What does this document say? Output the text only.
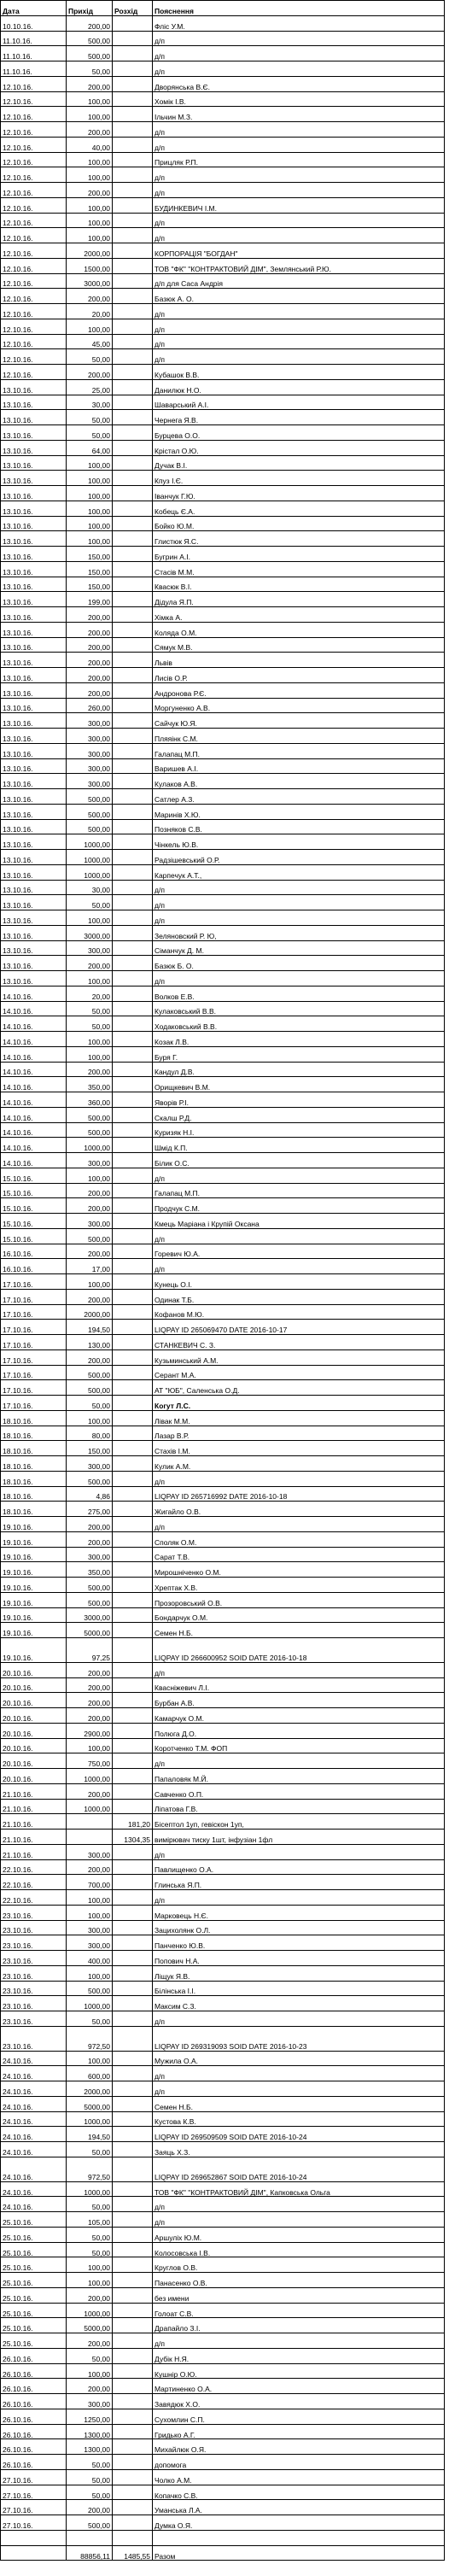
Дата	Прихід	Розхід	Пояснення
10.10.16.	200,00		Фліс У.М.
11.10.16.	500,00		д/п
11.10.16.	500,00		д/п
11.10.16.	50,00		д/п
12.10.16.	200,00		Дворянська В.Є.
12.10.16.	100,00		Хомік І.В.
12.10.16.	100,00		Ільчин М.З.
12.10.16.	200,00		д/п
12.10.16.	40,00		д/п
12.10.16.	100,00		Прицляк Р.П.
12.10.16.	100,00		д/п
12.10.16.	200,00		д/п
12.10.16.	100,00		БУДИНКЕВИЧ І.М.
12.10.16.	100,00		д/п
12.10.16.	100,00		д/п
12.10.16.	2000,00		КОРПОРАЦІЯ "БОГДАН"
12.10.16.	1500,00		ТОВ "ФК" "КОНТРАКТОВИЙ ДІМ", Землянський Р.Ю.
12.10.16.	3000,00		д/п для Саса Андрія
12.10.16.	200,00		Базюк А. О.
12.10.16.	20,00		д/п
12.10.16.	100,00		д/п
12.10.16.	45,00		д/п
12.10.16.	50,00		д/п
12.10.16.	200,00		Кубашок В.В.
13.10.16.	25,00		Данилюк Н.О.
13.10.16.	30,00		Шаварський А.І.
13.10.16.	50,00		Чернега Я.В.
13.10.16.	50,00		Бурцева О.О.
13.10.16.	64,00		Крістал О.Ю.
13.10.16.	100,00		Дучак В.І.
13.10.16.	100,00		Кпуз І.Є.
13.10.16.	100,00		Іванчук Г.Ю.
13.10.16.	100,00		Кобець Є.А.
13.10.16.	100,00		Бойко Ю.М.
13.10.16.	100,00		Глистюк Я.С.
13.10.16.	150,00		Бугрин А.І.
13.10.16.	150,00		Стасів М.М.
13.10.16.	150,00		Квасюк В.І.
13.10.16.	199,00		Дідула Я.П.
13.10.16.	200,00		Хімка А.
13.10.16.	200,00		Коляда О.М.
13.10.16.	200,00		Сямук М.В.
13.10.16.	200,00		Львів
13.10.16.	200,00		Лисів О.Р.
13.10.16.	200,00		Андронова Р.Є.
13.10.16.	260,00		Моргуненко А.В.
13.10.16.	300,00		Сайчук Ю.Я.
13.10.16.	300,00		Пляяінк С.М.
13.10.16.	300,00		Галапац М.П.
13.10.16.	300,00		Варишев А.І.
13.10.16.	300,00		Кулаков А.В.
13.10.16.	500,00		Сатлер А.З.
13.10.16.	500,00		Маринів Х.Ю.
13.10.16.	500,00		Позняков С.В.
13.10.16.	1000,00		Чінкель Ю.В.
13.10.16.	1000,00		Радзішевський О.Р.
13.10.16.	1000,00		Карпечук А.Т.,
13.10.16.	30,00		д/п
13.10.16.	50,00		д/п
13.10.16.	100,00		д/п
13.10.16.	3000,00		Зеляновский Р. Ю,
13.10.16.	300,00		Сіманчук Д. М.
13.10.16.	200,00		Базюк Б. О.
13.10.16.	100,00		д/п
14.10.16.	20,00		Волков Е.В.
14.10.16.	50,00		Кулаковський В.В.
14.10.16.	50,00		Ходаковський В.В.
14.10.16.	100,00		Козак Л.В.
14.10.16.	100,00		Буря Г.
14.10.16.	200,00		Кандул Д.В.
14.10.16.	350,00		Орищкевич В.М.
14.10.16.	360,00		Яворів Р.І.
14.10.16.	500,00		Скалш Р.Д.
14.10.16.	500,00		Куризяк Н.І.
14.10.16.	1000,00		Шмід К.П.
14.10.16.	300,00		Білик О.С.
15.10.16.	100,00		д/п
15.10.16.	200,00		Галапац М.П.
15.10.16.	200,00		Продчук С.М.
15.10.16.	300,00		Кмець Маріана і Крупій Оксана
15.10.16.	500,00		д/п
16.10.16.	200,00		Горевич Ю.А.
16.10.16.	17,00		д/п
17.10.16.	100,00		Кунець О.І.
17.10.16.	200,00		Одинак Т.Б.
17.10.16.	2000,00		Кофанов М.Ю.
17.10.16.	194,50		LIQPAY ID 265069470 DATE 2016-10-17
17.10.16.	130,00		СТАНКЕВИЧ С. З.
17.10.16.	200,00		Кузьминський А.М.
17.10.16.	500,00		Серант М.А.
17.10.16.	500,00		АТ "ЮБ", Саленська О.Д.
17.10.16.	50,00		Когут Л.С.
18.10.16.	100,00		Лівак М.М.
18.10.16.	80,00		Лазар В.Р.
18.10.16.	150,00		Стахів І.М.
18.10.16.	300,00		Кулик А.М.
18.10.16.	500,00		д/п
18.10.16.	4,86		LIQPAY ID 265716992 DATE 2016-10-18
18.10.16.	275,00		Жигайло О.В.
19.10.16.	200,00		д/п
19.10.16.	200,00		Споляк О.М.
19.10.16.	300,00		Сарат Т.В.
19.10.16.	350,00		Мирошніченко О.М.
19.10.16.	500,00		Хрептак Х.В.
19.10.16.	500,00		Прозоровський О.В.
19.10.16.	3000,00		Бондарчук О.М.
19.10.16.	5000,00		Семен Н.Б.
19.10.16.	97,25		LIQPAY ID 266600952 SOID DATE 2016-10-18
20.10.16.	200,00		д/п
20.10.16.	200,00		Квасніжевич Л.І.
20.10.16.	200,00		Бурбан А.В.
20.10.16.	200,00		Камарчук О.М.
20.10.16.	2900,00		Полюга Д.О.
20.10.16.	100,00		Коротченко Т.М. ФОП
20.10.16.	750,00		д/п
20.10.16.	1000,00		Папаловяк М.Й.
21.10.16.	200,00		Савченко О.П.
21.10.16.	1000,00		Ліпатова Г.В.
21.10.16.		181,20	Бісептол 1уп, гевіскон 1уп,
21.10.16.		1304,35	вимірювач тиску 1шт, інфузіан 1фл
21.10.16.	300,00		д/п
22.10.16.	200,00		Павлищенко О.А.
22.10.16.	700,00		Глинська Я.П.
22.10.16.	100,00		д/п
23.10.16.	100,00		Марковець Н.Є.
23.10.16.	300,00		Зацихолянк О.Л.
23.10.16.	300,00		Панченко Ю.В.
23.10.16.	400,00		Попович Н.А.
23.10.16.	100,00		Ліщук Я.В.
23.10.16.	500,00		Білінська І.І.
23.10.16.	1000,00		Максим С.З.
23.10.16.	50,00		д/п
23.10.16.	972,50		LIQPAY ID 269319093 SOID DATE 2016-10-23
24.10.16.	100,00		Мужила О.А.
24.10.16.	600,00		д/п
24.10.16.	2000,00		д/п
24.10.16.	5000,00		Семен Н.Б.
24.10.16.	1000,00		Кустова К.В.
24.10.16.	194,50		LIQPAY ID 269509509 SOID DATE 2016-10-24
24.10.16.	50,00		Заяць Х.З.
24.10.16.	972,50		LIQPAY ID 269652867 SOID DATE 2016-10-24
24.10.16.	1000,00		ТОВ "ФК" "КОНТРАКТОВИЙ ДІМ", Капковська Ольга
24.10.16.	50,00		д/п
25.10.16.	105,00		д/п
25.10.16.	50,00		Аршуліх Ю.М.
25.10.16.	50,00		Колосовська І.В.
25.10.16.	100,00		Круглов О.В.
25.10.16.	100,00		Панасенко О.В.
25.10.16.	200,00		без имени
25.10.16.	1000,00		Голоат С.В.
25.10.16.	5000,00		Драпайло З.І.
25.10.16.	200,00		д/п
26.10.16.	50,00		Дубік Н.Я.
26.10.16.	100,00		Кушнір О.Ю.
26.10.16.	200,00		Мартиненко О.А.
26.10.16.	300,00		Завядюк Х.О.
26.10.16.	1250,00		Сухомлин С.П.
26.10.16.	1300,00		Гридько А.Г.
26.10.16.	1300,00		Михайлюк О.Я.
26.10.16.	50,00		допомога
27.10.16.	50,00		Чолко А.М.
27.10.16.	50,00		Копачко С.В.
27.10.16.	200,00		Уманська Л.А.
27.10.16.	500,00		Думка О.Я.

	88856,11	1485,55	Разом
